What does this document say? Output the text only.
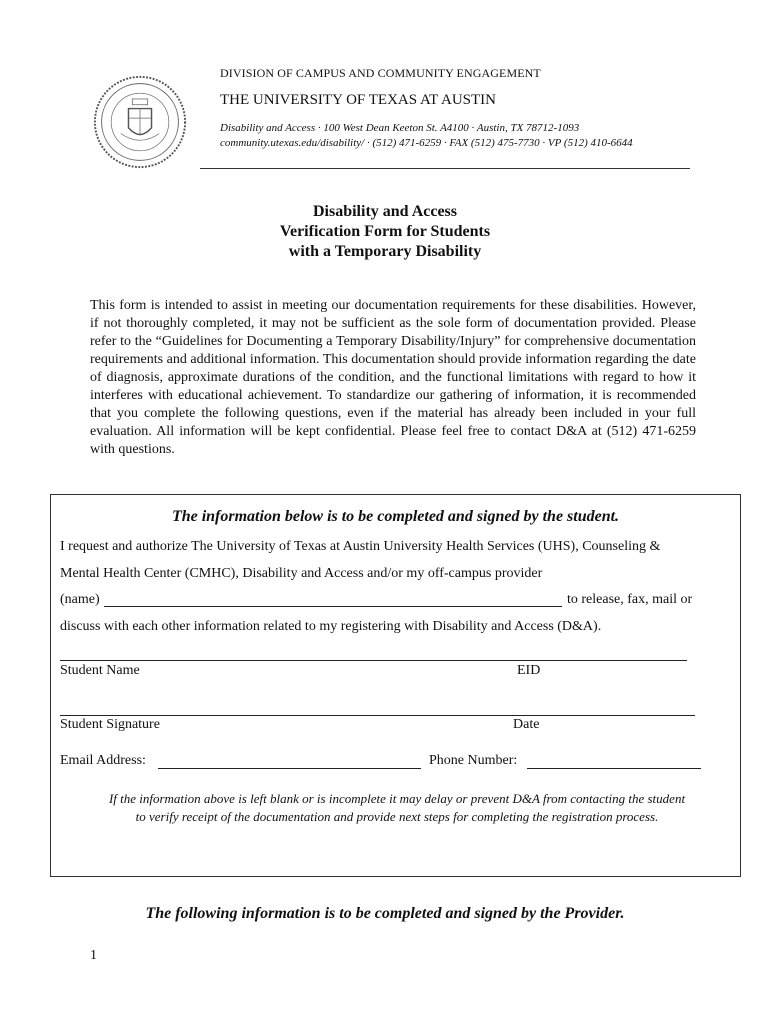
DIVISION OF CAMPUS AND COMMUNITY ENGAGEMENT
THE UNIVERSITY OF TEXAS AT AUSTIN
Disability and Access · 100 West Dean Keeton St. A4100 · Austin, TX 78712-1093
community.utexas.edu/disability/ · (512) 471-6259 · FAX (512) 475-7730 · VP (512) 410-6644
Disability and Access
Verification Form for Students
with a Temporary Disability
This form is intended to assist in meeting our documentation requirements for these disabilities. However, if not thoroughly completed, it may not be sufficient as the sole form of documentation provided. Please refer to the “Guidelines for Documenting a Temporary Disability/Injury” for comprehensive documentation requirements and additional information. This documentation should provide information regarding the date of diagnosis, approximate durations of the condition, and the functional limitations with regard to how it interferes with educational achievement. To standardize our gathering of information, it is recommended that you complete the following questions, even if the material has already been included in your full evaluation. All information will be kept confidential. Please feel free to contact D&A at (512) 471-6259 with questions.
The information below is to be completed and signed by the student.
I request and authorize The University of Texas at Austin University Health Services (UHS), Counseling &
Mental Health Center (CMHC), Disability and Access and/or my off-campus provider
(name)	to release, fax, mail or
discuss with each other information related to my registering with Disability and Access (D&A).
Student Name	EID
Student Signature	Date
Email Address:	Phone Number:
If the information above is left blank or is incomplete it may delay or prevent D&A from contacting the student
to verify receipt of the documentation and provide next steps for completing the registration process.
The following information is to be completed and signed by the Provider.
1
